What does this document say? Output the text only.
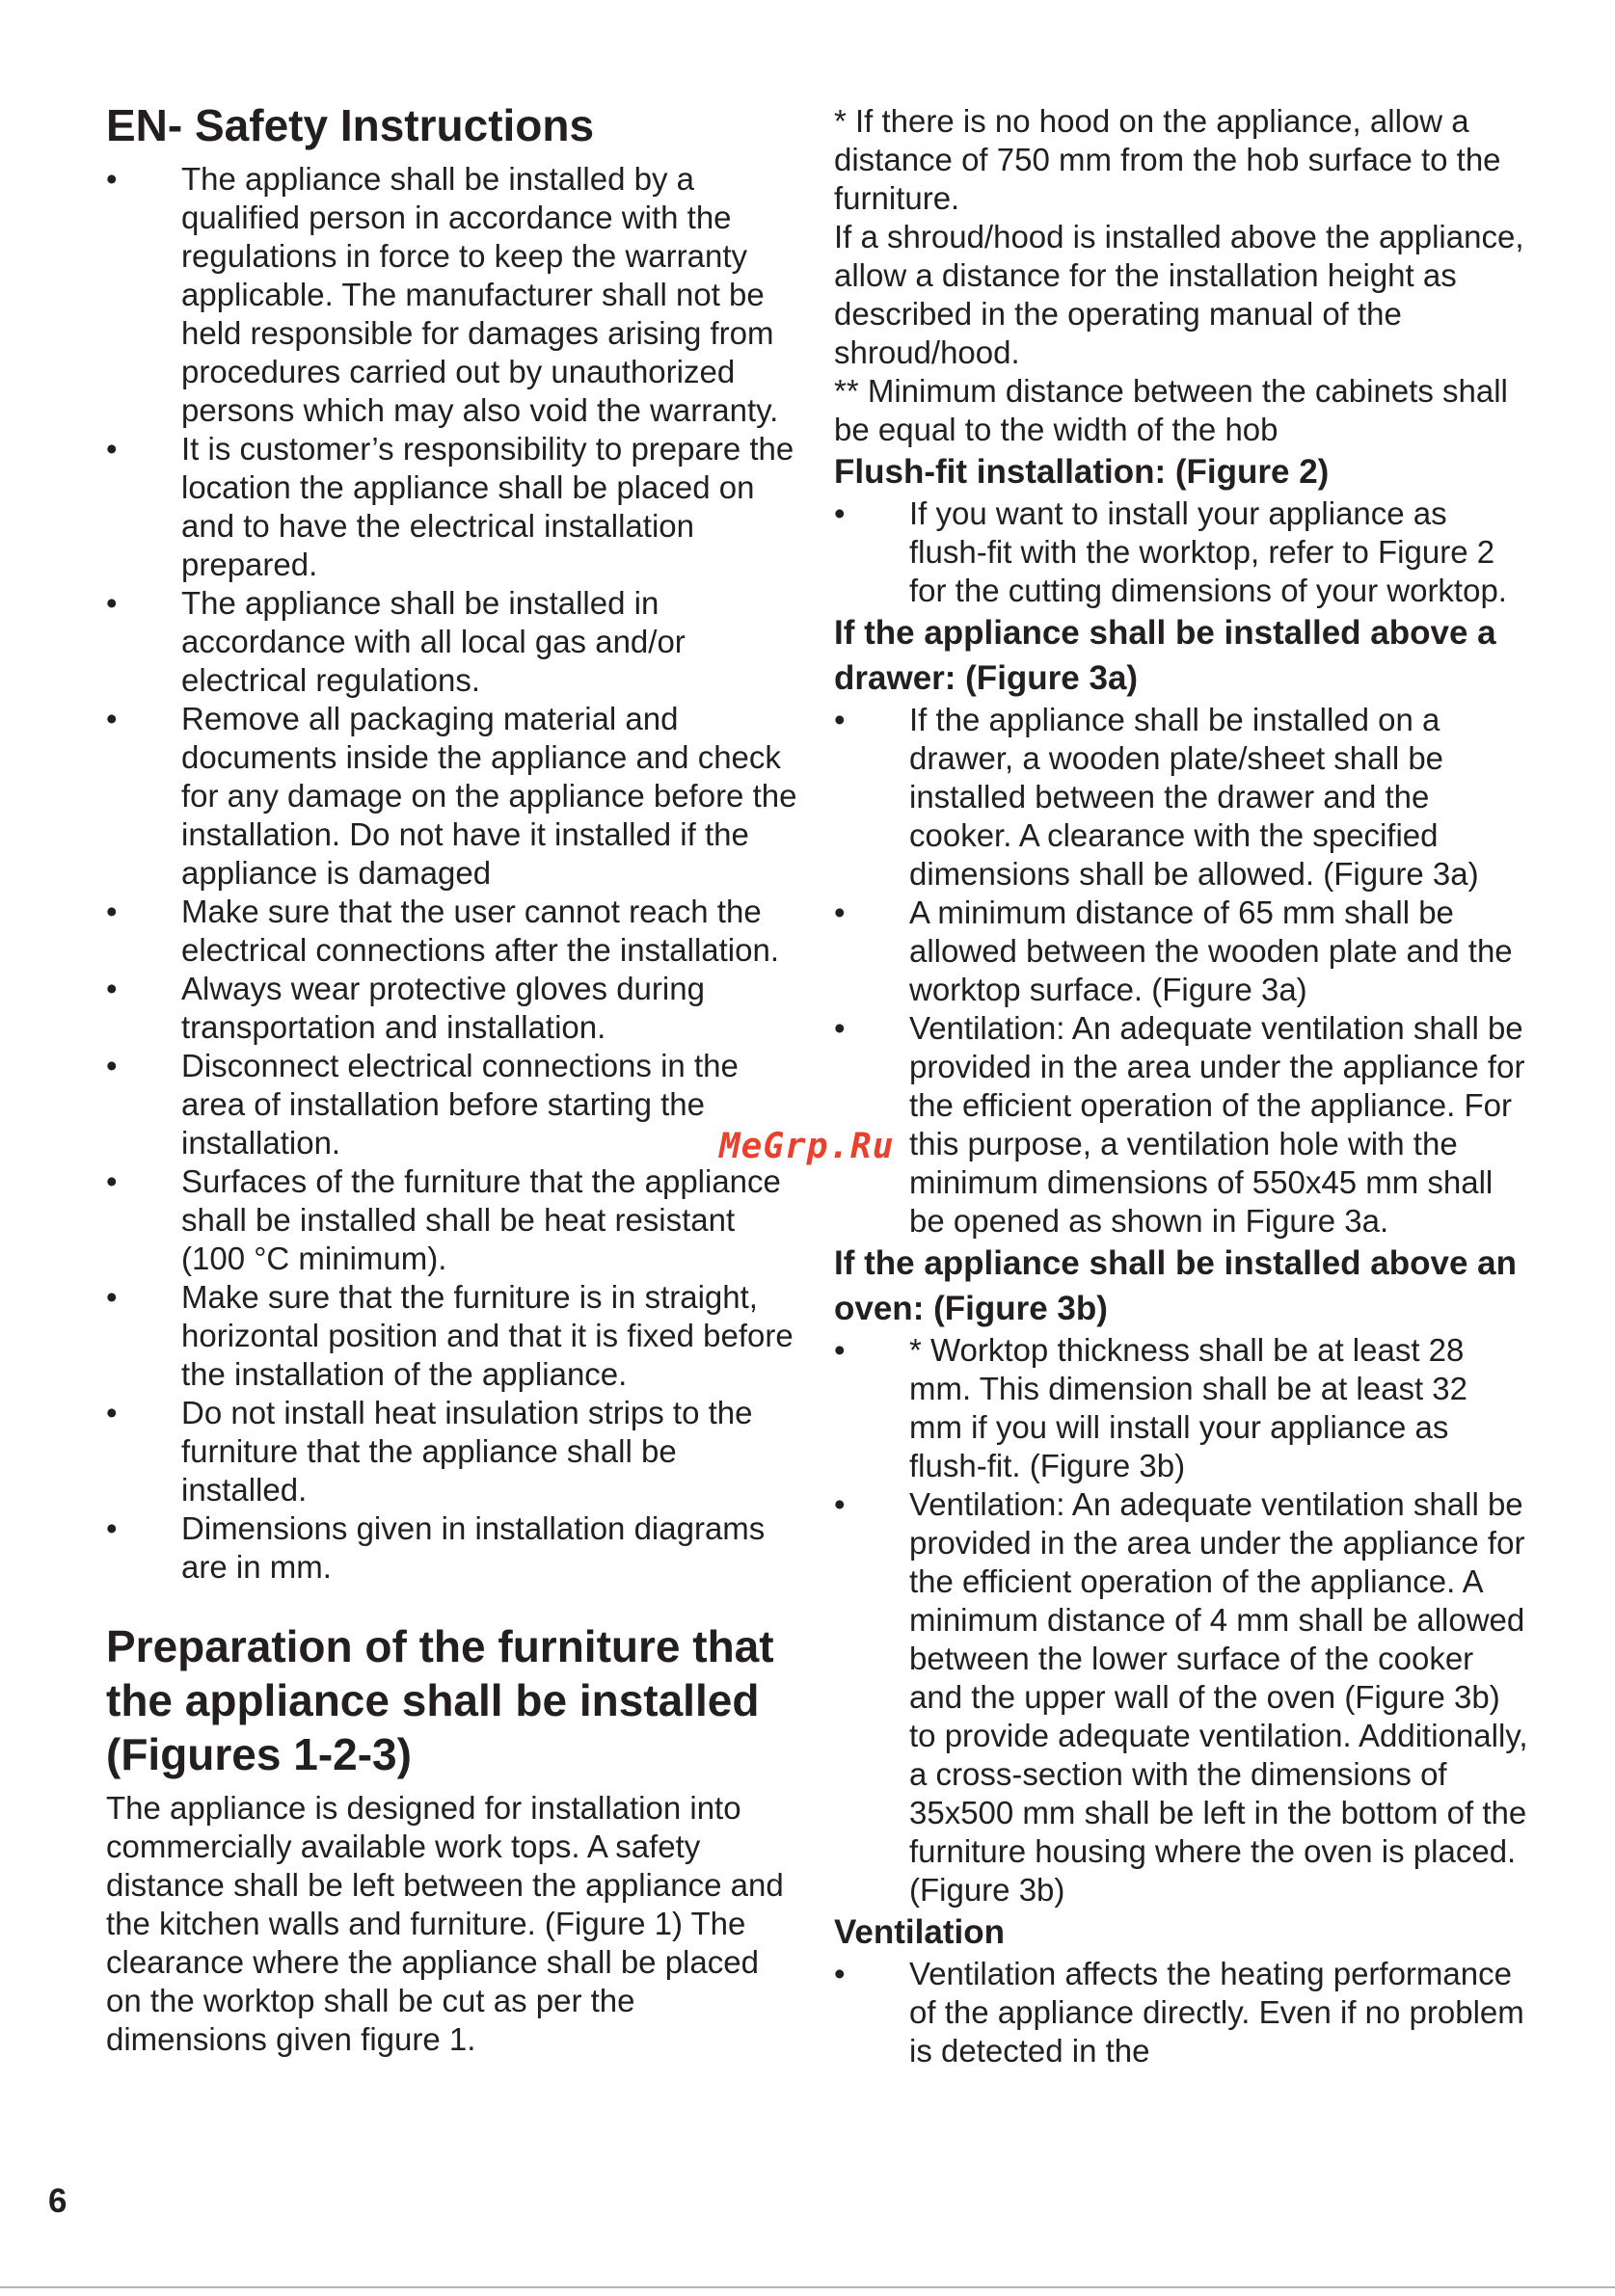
EN- Safety Instructions
•	The appliance shall be installed by a qualified person in accordance with the regulations in force to keep the warranty applicable. The manufacturer shall not be held responsible for damages arising from procedures carried out by unauthorized persons which may also void the warranty.
•	It is customer’s responsibility to prepare the location the appliance shall be placed on and to have the electrical installation prepared.
•	The appliance shall be installed in accordance with all local gas and/or electrical regulations.
•	Remove all packaging material and documents inside the appliance and check for any damage on the appliance before the installation. Do not have it installed if the appliance is damaged
•	Make sure that the user cannot reach the electrical connections after the installation.
•	Always wear protective gloves during transportation and installation.
•	Disconnect electrical connections in the area of installation before starting the installation.
•	Surfaces of the furniture that the appliance shall be installed shall be heat resistant (100 °C minimum).
•	Make sure that the furniture is in straight, horizontal position and that it is fixed before the installation of the appliance.
•	Do not install heat insulation strips to the furniture that the appliance shall be installed.
•	Dimensions given in installation diagrams are in mm.
Preparation of the furniture that the appliance shall be installed (Figures 1-2-3)

The appliance is designed for installation into commercially available work tops. A safety distance shall be left between the appliance and the kitchen walls and furniture. (Figure 1) The clearance where the appliance shall be placed on the worktop shall be cut as per the dimensions given figure 1.

* If there is no hood on the appliance, allow a distance of 750 mm from the hob surface to the furniture.

If a shroud/hood is installed above the appliance, allow a distance for the installation height as described in the operating manual of the shroud/hood.

** Minimum distance between the cabinets shall be equal to the width of the hob

Flush-fit installation: (Figure 2)
•	If you want to install your appliance as flush-fit with the worktop, refer to Figure 2 for the cutting dimensions of your worktop.
If the appliance shall be installed above a drawer: (Figure 3a)
•	If the appliance shall be installed on a drawer, a wooden plate/sheet shall be installed between the drawer and the cooker. A clearance with the specified dimensions shall be allowed. (Figure 3a)
•	A minimum distance of 65 mm shall be allowed between the wooden plate and the worktop surface. (Figure 3a)
•	Ventilation: An adequate ventilation shall be provided in the area under the appliance for the efficient operation of the appliance. For this purpose, a ventilation hole with the minimum dimensions of 550x45 mm shall be opened as shown in Figure 3a.
If the appliance shall be installed above an oven: (Figure 3b)
•	* Worktop thickness shall be at least 28 mm. This dimension shall be at least 32 mm if you will install your appliance as flush-fit. (Figure 3b)
•	Ventilation: An adequate ventilation shall be provided in the area under the appliance for the efficient operation of the appliance. A minimum distance of 4 mm shall be allowed between the lower surface of the cooker and the upper wall of the oven (Figure 3b) to provide adequate ventilation. Additionally, a cross-section with the dimensions of 35x500 mm shall be left in the bottom of the furniture housing where the oven is placed. (Figure 3b)
Ventilation
•	Ventilation affects the heating performance of the appliance directly. Even if no problem is detected in the
MeGrp.Ru
6
